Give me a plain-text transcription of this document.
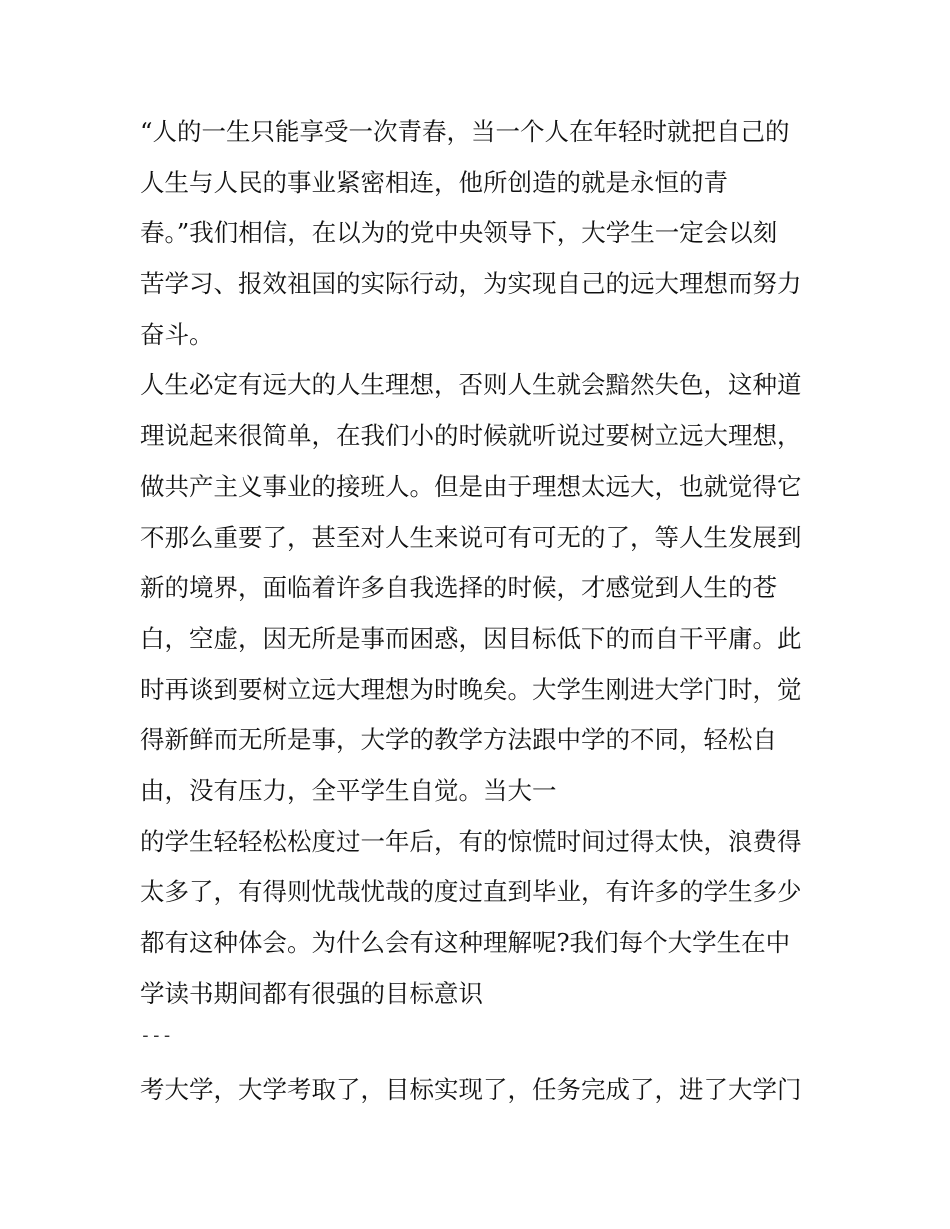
“人的一生只能享受一次青春，当一个人在年轻时就把自己的
人生与人民的事业紧密相连，他所创造的就是永恒的青
春。”我们相信，在以为的党中央领导下，大学生一定会以刻
苦学习、报效祖国的实际行动，为实现自己的远大理想而努力
奋斗。
人生必定有远大的人生理想，否则人生就会黯然失色，这种道
理说起来很简单，在我们小的时候就听说过要树立远大理想，
做共产主义事业的接班人。但是由于理想太远大，也就觉得它
不那么重要了，甚至对人生来说可有可无的了，等人生发展到
新的境界，面临着许多自我选择的时候，才感觉到人生的苍
白，空虚，因无所是事而困惑，因目标低下的而自干平庸。此
时再谈到要树立远大理想为时晚矣。大学生刚进大学门时，觉
得新鲜而无所是事，大学的教学方法跟中学的不同，轻松自
由，没有压力，全平学生自觉。当大一
的学生轻轻松松度过一年后，有的惊慌时间过得太快，浪费得
太多了，有得则忧哉忧哉的度过直到毕业，有许多的学生多少
都有这种体会。为什么会有这种理解呢?我们每个大学生在中
学读书期间都有很强的目标意识
---
考大学，大学考取了，目标实现了，任务完成了，进了大学门
